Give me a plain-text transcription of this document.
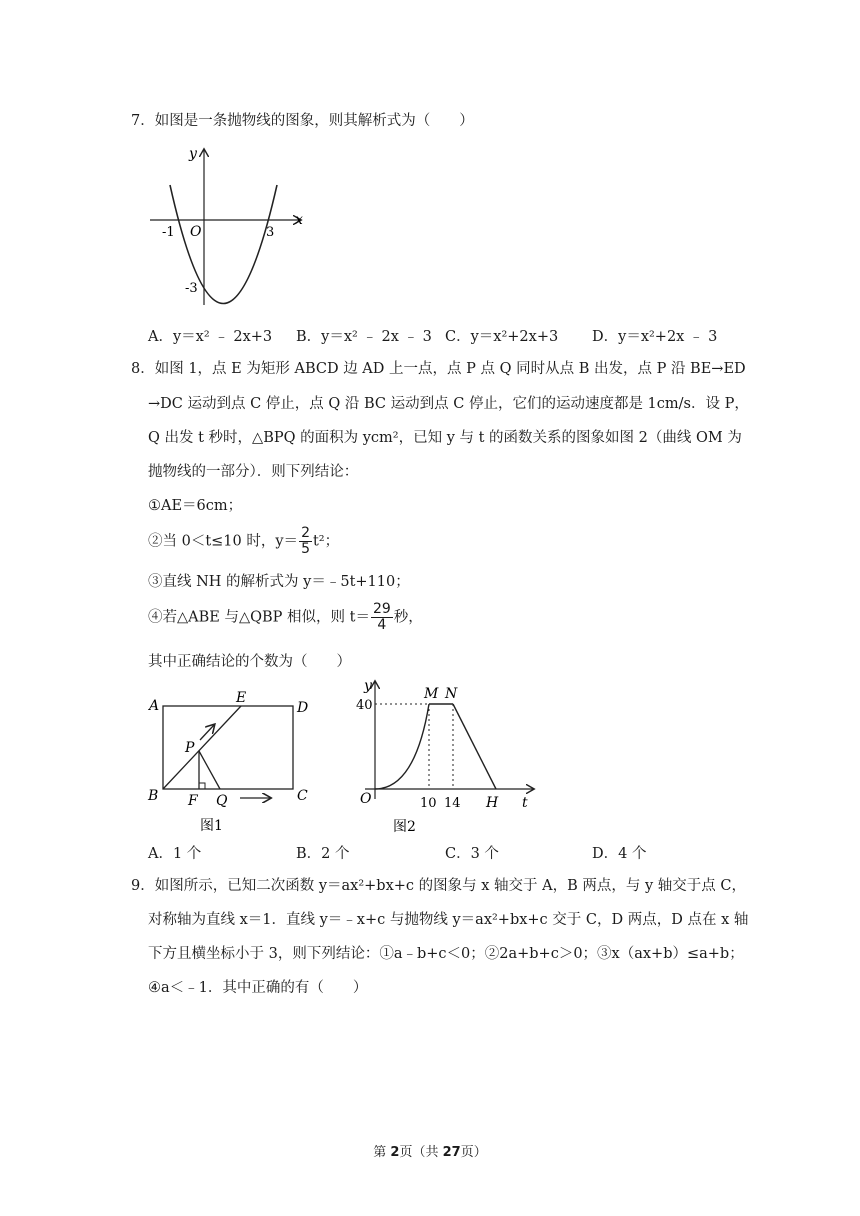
7．如图是一条抛物线的图象，则其解析式为（　　）
y
x
O
-1	3
-3
A．y＝x² ﹣ 2x+3 B．y＝x² ﹣ 2x ﹣ 3 C．y＝x²+2x+3 D．y＝x²+2x ﹣ 3
8．如图 1，点 E 为矩形 ABCD 边 AD 上一点，点 P 点 Q 同时从点 B 出发，点 P 沿 BE→ED
→DC 运动到点 C 停止，点 Q 沿 BC 运动到点 C 停止，它们的运动速度都是 1cm/s．设 P，
Q 出发 t 秒时，△BPQ 的面积为 ycm²，已知 y 与 t 的函数关系的图象如图 2（曲线 OM 为
抛物线的一部分）．则下列结论：
①AE＝6cm；
②当 0＜t≤10 时，$y= \frac{2}{5} t^2$；
③直线 NH 的解析式为 y＝﹣5t+110；
④若△ABE 与△QBP 相似，则 $t= \frac{29}{4}$ 秒，
其中正确结论的个数为（　　）
A	E
D
P
B F Q	C
图1
y
40
M N
O	10 14 H t
图2
A．1 个	B．2 个	C．3 个	D．4 个
9．如图所示，已知二次函数 y＝ax²+bx+c 的图象与 x 轴交于 A，B 两点，与 y 轴交于点 C，
对称轴为直线 x＝1．直线 y＝﹣x+c 与抛物线 y＝ax²+bx+c 交于 C，D 两点，D 点在 x 轴
下方且横坐标小于 3，则下列结论：①a﹣b+c＜0；②2a+b+c＞0；③x（ax+b）≤a+b；
④a＜﹣1．其中正确的有（　　）
第 2页（共 27页）
